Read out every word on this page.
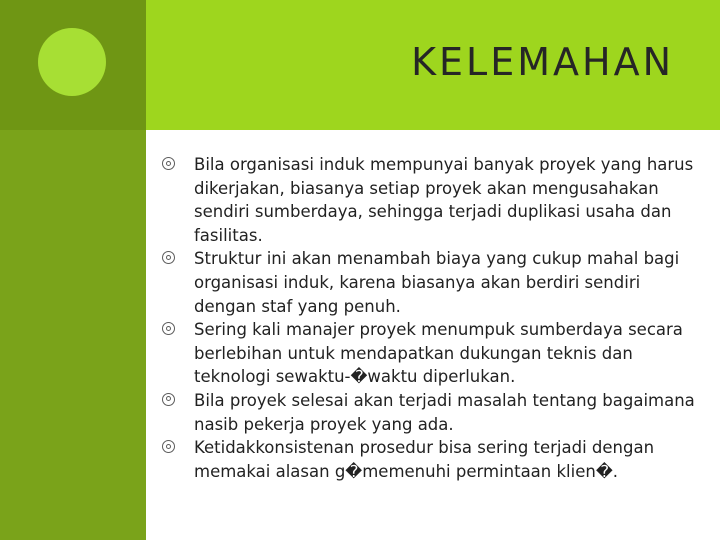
KELEMAHAN
Bila organisasi induk mempunyai banyak proyek yang harus dikerjakan, biasanya setiap proyek akan mengusahakan sendiri sumberdaya, sehingga terjadi duplikasi usaha dan fasilitas.
Struktur ini akan menambah biaya yang cukup mahal bagi organisasi induk, karena biasanya akan berdiri sendiri dengan staf yang penuh.
Sering kali manajer proyek menumpuk sumberdaya secara berlebihan untuk mendapatkan dukungan teknis dan teknologi sewaktu-�waktu diperlukan.
Bila proyek selesai akan terjadi masalah tentang bagaimana nasib pekerja proyek yang ada.
Ketidakkonsistenan prosedur bisa sering terjadi dengan memakai alasan g�memenuhi permintaan klien�.
